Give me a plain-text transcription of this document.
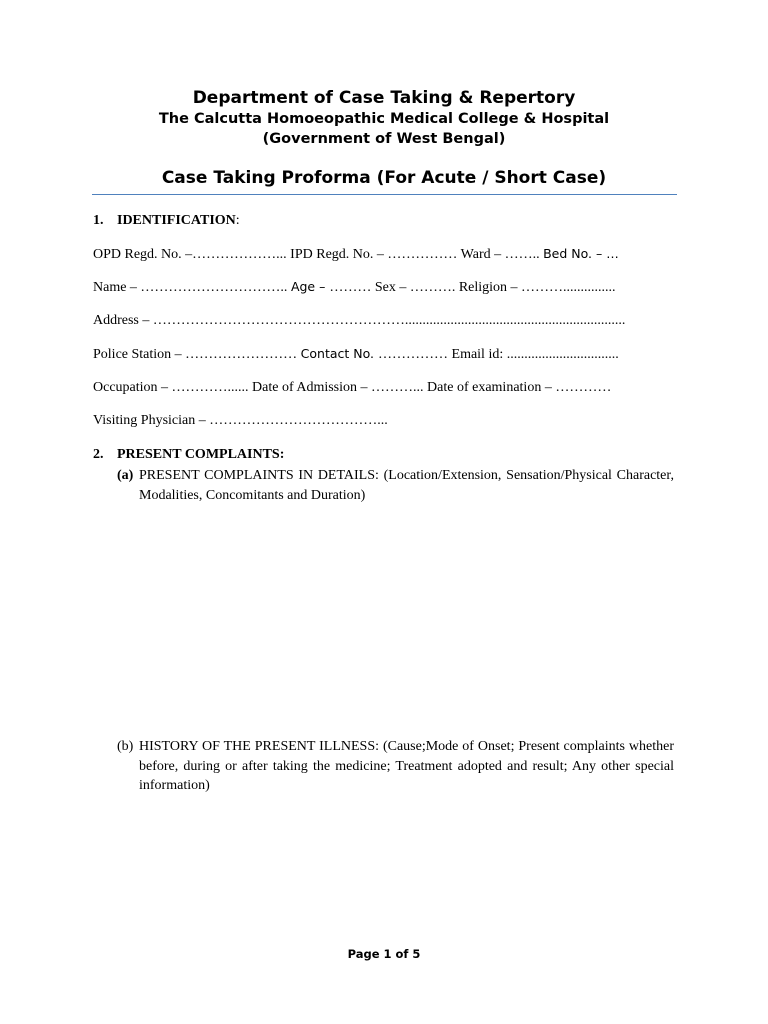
Department of Case Taking & Repertory
The Calcutta Homoeopathic Medical College & Hospital
(Government of West Bengal)
Case Taking Proforma (For Acute / Short Case)
1. IDENTIFICATION:
OPD Regd. No. –………………... IPD Regd. No. – …………… Ward – …….. Bed No. – …
Name – ………………………….. Age – ……… Sex – ………. Religion – ………...............
Address – ………………………………………………...............................................................
Police Station – …………………… Contact No. …………… Email id: ................................
Occupation – …………...... Date of Admission – ………... Date of examination – …………
Visiting Physician – ………………………………...
2. PRESENT COMPLAINTS:
(a) PRESENT COMPLAINTS IN DETAILS: (Location/Extension, Sensation/Physical Character, Modalities, Concomitants and Duration)
(b) HISTORY OF THE PRESENT ILLNESS: (Cause;Mode of Onset; Present complaints whether before, during or after taking the medicine; Treatment adopted and result; Any other special information)
Page 1 of 5
